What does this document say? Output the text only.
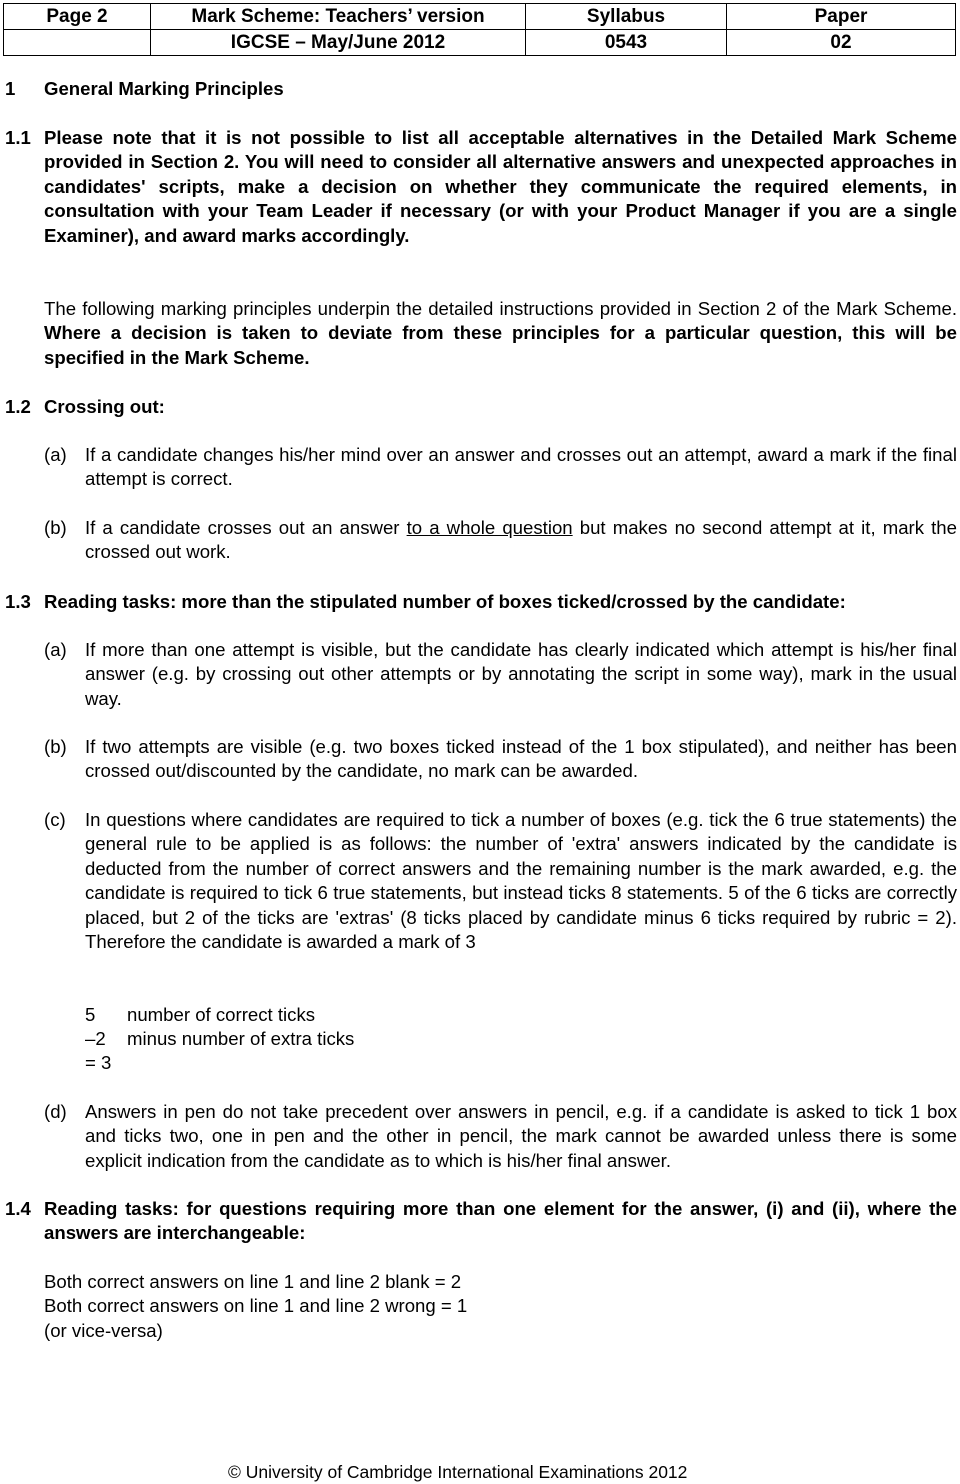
Page 2	Mark Scheme: Teachers’ version	Syllabus	Paper
	IGCSE – May/June 2012	0543	02
1 General Marking Principles
1.1 Please note that it is not possible to list all acceptable alternatives in the Detailed Mark Scheme provided in Section 2. You will need to consider all alternative answers and unexpected approaches in candidates' scripts, make a decision on whether they communicate the required elements, in consultation with your Team Leader if necessary (or with your Product Manager if you are a single Examiner), and award marks accordingly.

The following marking principles underpin the detailed instructions provided in Section 2 of the Mark Scheme. Where a decision is taken to deviate from these principles for a particular question, this will be specified in the Mark Scheme.

1.2 Crossing out:
(a) If a candidate changes his/her mind over an answer and crosses out an attempt, award a mark if the final attempt is correct.

(b) If a candidate crosses out an answer to a whole question but makes no second attempt at it, mark the crossed out work.

1.3 Reading tasks: more than the stipulated number of boxes ticked/crossed by the candidate:
(a) If more than one attempt is visible, but the candidate has clearly indicated which attempt is his/her final answer (e.g. by crossing out other attempts or by annotating the script in some way), mark in the usual way.

(b) If two attempts are visible (e.g. two boxes ticked instead of the 1 box stipulated), and neither has been crossed out/discounted by the candidate, no mark can be awarded.

(c) In questions where candidates are required to tick a number of boxes (e.g. tick the 6 true statements) the general rule to be applied is as follows: the number of 'extra' answers indicated by the candidate is deducted from the number of correct answers and the remaining number is the mark awarded, e.g. the candidate is required to tick 6 true statements, but instead ticks 8 statements. 5 of the 6 ticks are correctly placed, but 2 of the ticks are 'extras' (8 ticks placed by candidate minus 6 ticks required by rubric = 2). Therefore the candidate is awarded a mark of 3

5 number of correct ticks
–2 minus number of extra ticks
= 3
(d) Answers in pen do not take precedent over answers in pencil, e.g. if a candidate is asked to tick 1 box and ticks two, one in pen and the other in pencil, the mark cannot be awarded unless there is some explicit indication from the candidate as to which is his/her final answer.

1.4 Reading tasks: for questions requiring more than one element for the answer, (i) and (ii), where the answers are interchangeable:

Both correct answers on line 1 and line 2 blank = 2
Both correct answers on line 1 and line 2 wrong = 1
(or vice-versa)
© University of Cambridge International Examinations 2012
